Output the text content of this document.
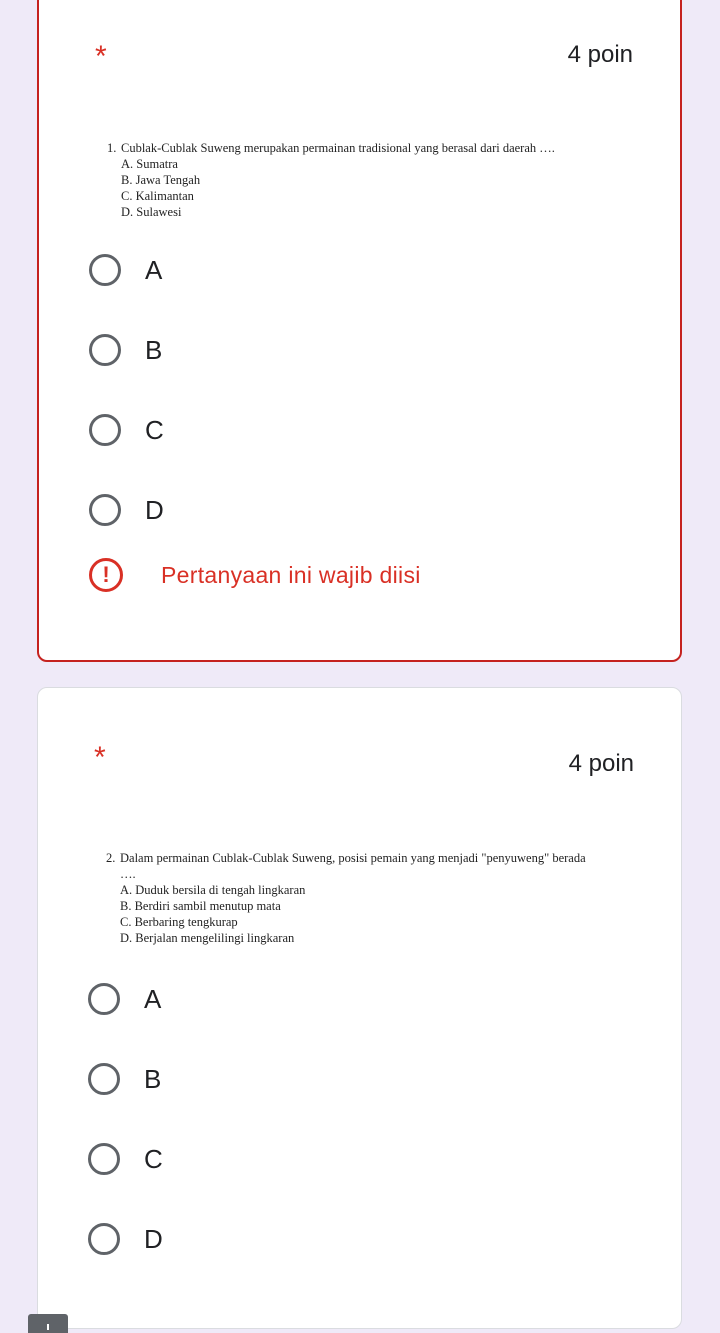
*	4 poin
1. Cublak-Cublak Suweng merupakan permainan tradisional yang berasal dari daerah ….
A. Sumatra
B. Jawa Tengah
C. Kalimantan
D. Sulawesi
A
B
C
D
!	Pertanyaan ini wajib diisi
*	4 poin
2. Dalam permainan Cublak-Cublak Suweng, posisi pemain yang menjadi "penyuweng" berada ….
A. Duduk bersila di tengah lingkaran
B. Berdiri sambil menutup mata
C. Berbaring tengkurap
D. Berjalan mengelilingi lingkaran
A
B
C
D
